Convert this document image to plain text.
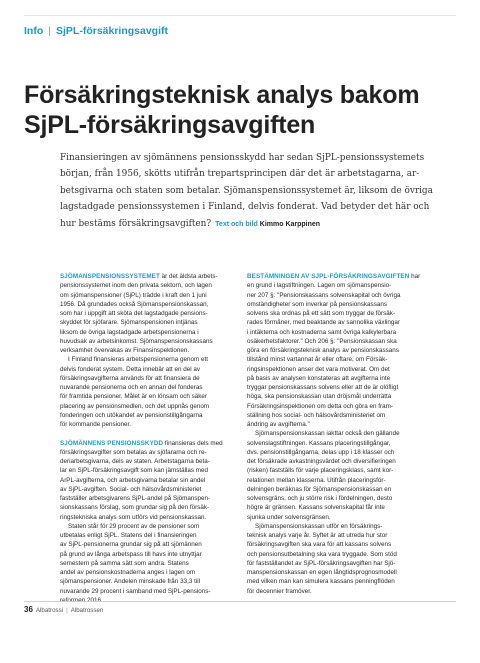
Info | SjPL-försäkringsavgift
Försäkringsteknisk analys bakom
SjPL-försäkringsavgiften
Finansieringen av sjömännens pensionsskydd har sedan SjPL-pensionssystemets
början, från 1956, skötts utifrån trepartsprincipen där det är arbetstagarna, ar-
betsgivarna och staten som betalar. Sjömanspensionssystemet är, liksom de övriga
lagstadgade pensionssystemen i Finland, delvis fonderat. Vad betyder det här och
hur bestäms försäkringsavgiften? Text och bild Kimmo Karppinen
SJÖMANSPENSIONSSYSTEMET är det äldsta arbets-
pensionssystemet inom den privata sektorn, och lagen
om sjömanspensioner (SjPL) trädde i kraft den 1 juni
1956. Då grundades också Sjömanspensionskassan,
som har i uppgift att sköta det lagstadgade pensions-
skyddet för sjöfarare. Sjömanspensionen intjänas
liksom de övriga lagstadgade arbetspensionerna i
huvudsak av arbetsinkomst. Sjömanspensionskassans
verksamhet övervakas av Finansinspektionen.
I Finland finansieras arbetspensionerna genom ett
delvis fonderat system. Detta innebär att en del av
försäkringsavgifterna används för att finansiera de
nuvarande pensionerna och en annan del fonderas
för framtida pensioner. Målet är en lönsam och säker
placering av pensionsmedlen, och det uppnås genom
fonderingen och utökandet av pensionstillgångarna
för kommande pensioner.
SJÖMÄNNENS PENSIONSSKYDD finansieras dels med
försäkringsavgifter som betalas av sjöfararna och re-
deriarbetsgivarna, dels av staten. Arbetstagarna beta-
lar en SjPL-försäkringsavgift som kan jämställas med
ArPL-avgifterna, och arbetsgivarna betalar sin andel
av SjPL-avgiften. Social- och hälsovårdsministeriet
fastställer arbetsgivarens SjPL-andel på Sjömanspen-
sionskassans förslag, som grundar sig på den försäk-
ringstekniska analys som utförs vid pensionskassan.
Staten står för 29 procent av de pensioner som
utbetalas enligt SjPL. Statens del i finansieringen
av SjPL-pensionerna grundar sig på att sjömännen
på grund av långa arbetspass till havs inte utnyttjar
semestern på samma sätt som andra. Statens
andel av pensionskostnaderna anges i lagen om
sjömanspensioner. Andelen minskade från 33,3 till
nuvarande 29 procent i samband med SjPL-pensions-
reformen 2016.
BESTÄMNINGEN AV SJPL-FÖRSÄKRINGSAVGIFTEN har
en grund i lagstiftningen. Lagen om sjömanspensio-
ner 207 §: "Pensionskassans solvenskapital och övriga
omständigheter som inverkar på pensionskassans
solvens ska ordnas på ett sätt som tryggar de försäk-
rades förmåner, med beaktande av sannolika växlingar
i intäkterna och kostnaderna samt övriga kalkylerbara
osäkerhetsfaktorer." Och 206 §: "Pensionskassan ska
göra en försäkringsteknisk analys av pensionskassans
tillstånd minst vartannat år eller oftare, om Försäk-
ringsinspektionen anser det vara motiverat. Om det
på basis av analysen konstateras att avgifterna inte
tryggar pensionskassans solvens eller att de är olöfligt
höga, ska pensionskassan utan dröjsmål underrätta
Försäkringsinspektionen om detta och göra en fram-
ställning hos social- och hälsovårdsministeriet om
ändring av avgifterna."
Sjömanspensionskassan iakttar också den gällande
solvenslagstiftningen. Kassans placeringstillgångar,
dvs. pensionstillgångarna, delas upp i 18 klasser och
det försäkrade avkastningsvärdet och diversifieringen
(risken) fastställs för varje placeringsklass, samt kor-
relationen mellan klasserna. Utifrån placeringsför-
delningen beräknas för Sjömanspensionskassan en
solvensgräns, och ju större risk i fördelningen, desto
högre är gränsen. Kassans solvenskapital får inte
sjunka under solvensgränsen.
Sjömanspensionskassan utför en försäkrings-
teknisk analys varje år. Syftet är att utreda hur stor
försäkringsavgiften ska vara för att kassans solvens
och pensionsutbetalning ska vara tryggade. Som stöd
för fastställandet av SjPL-försäkringsavgiften har Sjö-
manspensionskassan en egen långtidsprognosmodell
med vilken man kan simulera kassans penningflöden
för decennier framöver.
36 Albatrossi | Albatrossen
